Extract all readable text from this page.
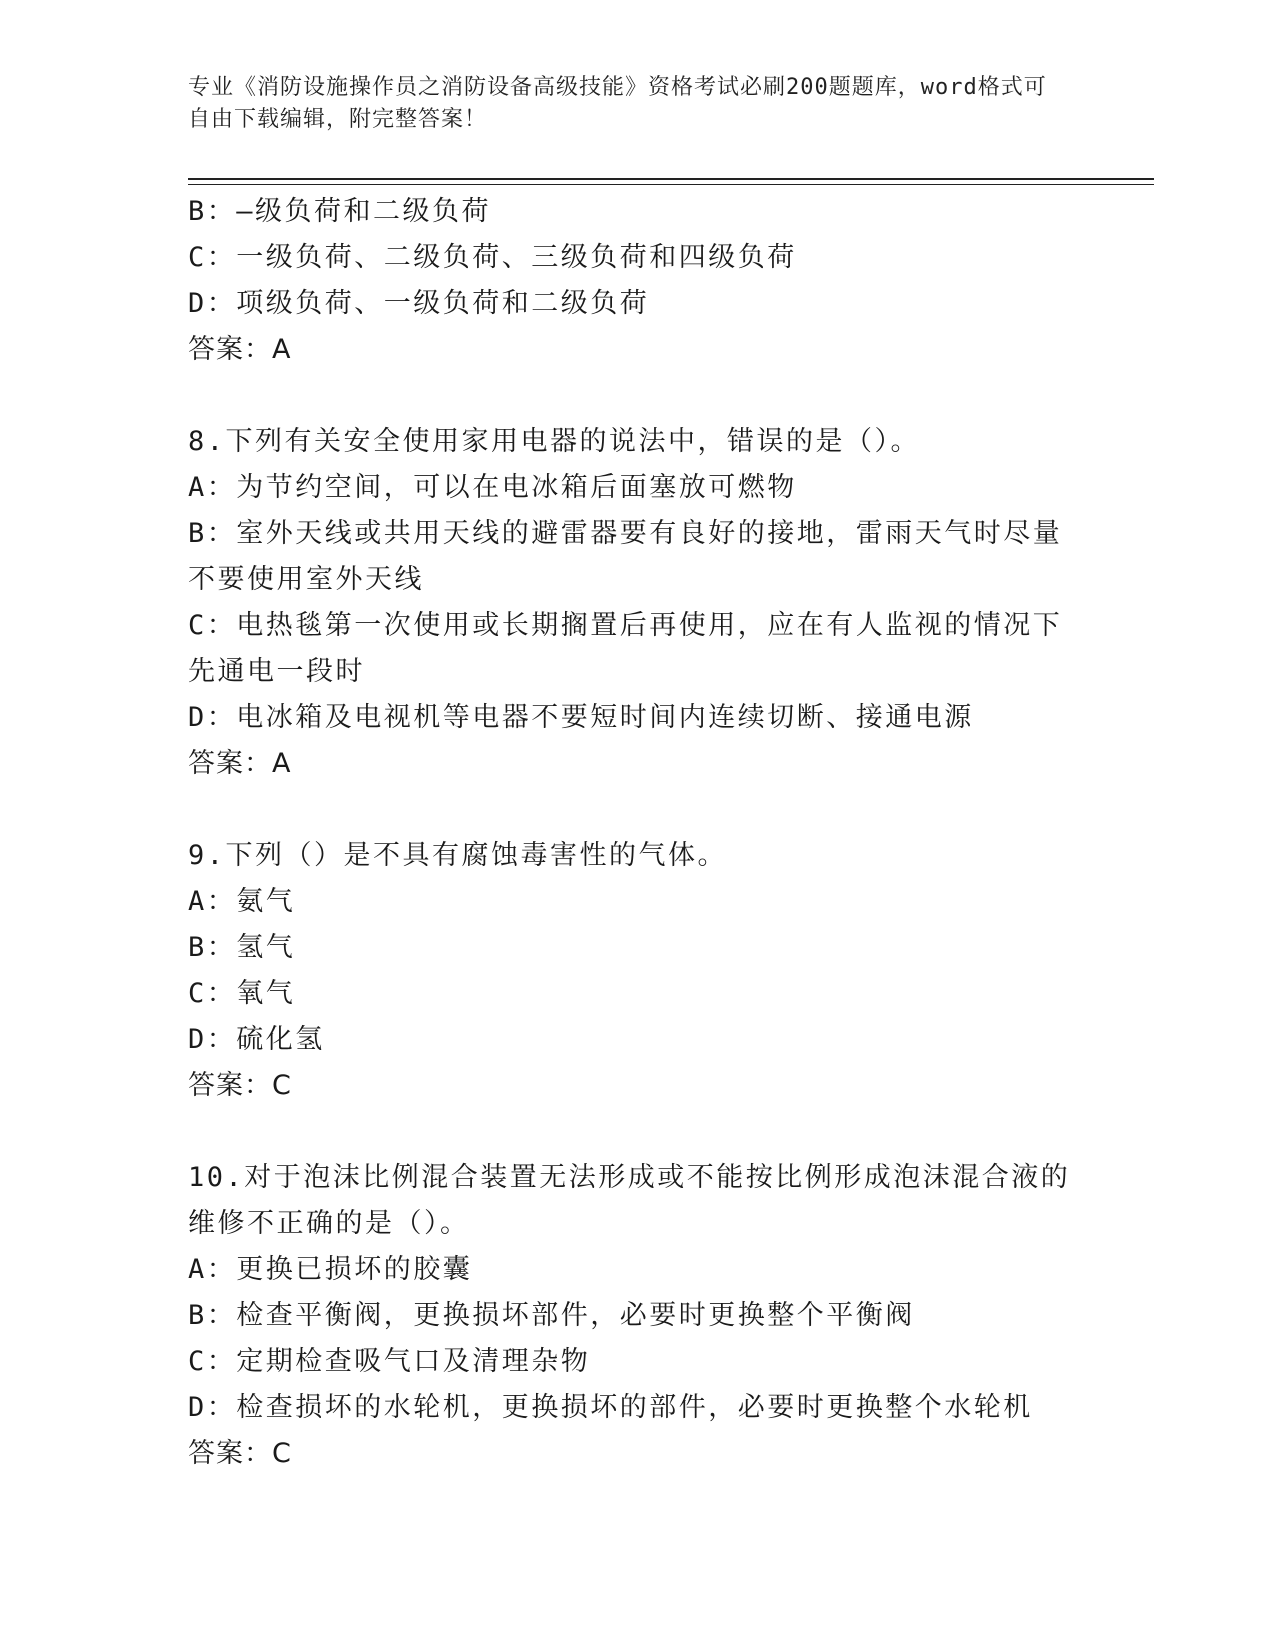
专业《消防设施操作员之消防设备高级技能》资格考试必刷200题题库，word格式可自由下载编辑，附完整答案！

B：—级负荷和二级负荷

C：一级负荷、二级负荷、三级负荷和四级负荷

D：项级负荷、一级负荷和二级负荷

答案：A

8.下列有关安全使用家用电器的说法中，错误的是（）。

A：为节约空间，可以在电冰箱后面塞放可燃物

B：室外天线或共用天线的避雷器要有良好的接地，雷雨天气时尽量不要使用室外天线

C：电热毯第一次使用或长期搁置后再使用，应在有人监视的情况下先通电一段时

D：电冰箱及电视机等电器不要短时间内连续切断、接通电源

答案：A

9.下列（）是不具有腐蚀毒害性的气体。

A：氨气

B：氢气

C：氧气

D：硫化氢

答案：C

10.对于泡沫比例混合装置无法形成或不能按比例形成泡沫混合液的维修不正确的是（）。

A：更换已损坏的胶囊

B：检查平衡阀，更换损坏部件，必要时更换整个平衡阀

C：定期检查吸气口及清理杂物

D：检查损坏的水轮机，更换损坏的部件，必要时更换整个水轮机

答案：C
